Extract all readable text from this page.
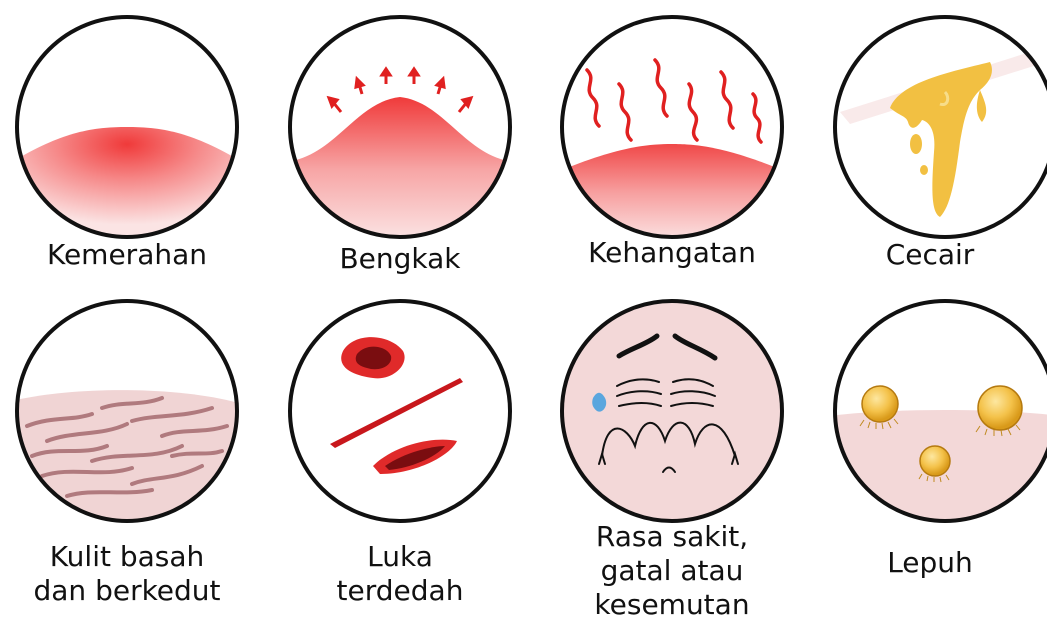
Kemerahan	Bengkak	Kehangatan	Cecair
Kulit basah
dan berkedut
Luka
terdedah
Rasa sakit,
gatal atau
kesemutan
Lepuh
